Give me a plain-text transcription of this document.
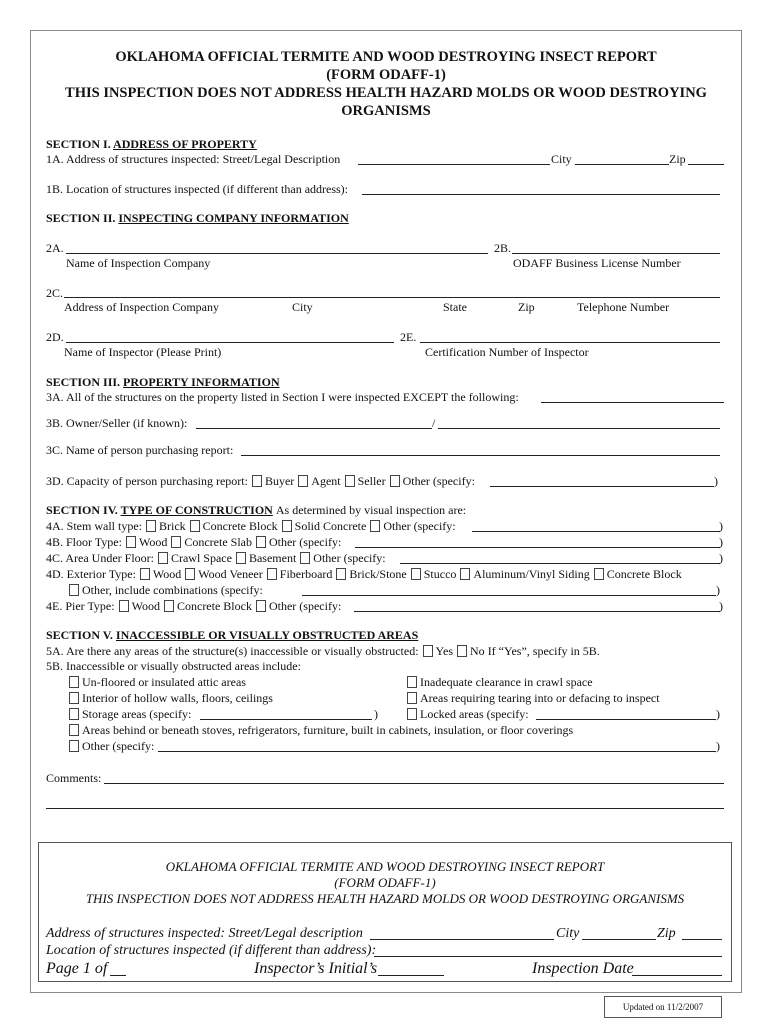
OKLAHOMA OFFICIAL TERMITE AND WOOD DESTROYING INSECT REPORT
(FORM ODAFF-1)
THIS INSPECTION DOES NOT ADDRESS HEALTH HAZARD MOLDS OR WOOD DESTROYING
ORGANISMS
SECTION I. ADDRESS OF PROPERTY
1A. Address of structures inspected: Street/Legal Description	City	Zip
1B. Location of structures inspected (if different than address):
SECTION II. INSPECTING COMPANY INFORMATION
2A.	2B.
Name of Inspection Company	ODAFF Business License Number
2C.
Address of Inspection Company	City	State	Zip	Telephone Number
2D.	2E.
Name of Inspector (Please Print)	Certification Number of Inspector
SECTION III. PROPERTY INFORMATION
3A. All of the structures on the property listed in Section I were inspected EXCEPT the following:
3B. Owner/Seller (if known):	/
3C. Name of person purchasing report:
3D. Capacity of person purchasing report: Buyer Agent Seller Other (specify:	)
SECTION IV. TYPE OF CONSTRUCTION As determined by visual inspection are:
4A. Stem wall type: Brick Concrete Block Solid Concrete Other (specify:	)
4B. Floor Type: Wood Concrete Slab Other (specify:	)
4C. Area Under Floor: Crawl Space Basement Other (specify:	)
4D. Exterior Type: Wood Wood Veneer Fiberboard Brick/Stone Stucco Aluminum/Vinyl Siding Concrete Block
Other, include combinations (specify:	)
4E. Pier Type: Wood Concrete Block Other (specify:	)
SECTION V. INACCESSIBLE OR VISUALLY OBSTRUCTED AREAS
5A. Are there any areas of the structure(s) inaccessible or visually obstructed: Yes No If “Yes”, specify in 5B.
5B. Inaccessible or visually obstructed areas include:
Un-floored or insulated attic areas	Inadequate clearance in crawl space
Interior of hollow walls, floors, ceilings	Areas requiring tearing into or defacing to inspect
Storage areas (specify:	)	Locked areas (specify:	)
Areas behind or beneath stoves, refrigerators, furniture, built in cabinets, insulation, or floor coverings
Other (specify:	)
Comments:
OKLAHOMA OFFICIAL TERMITE AND WOOD DESTROYING INSECT REPORT
(FORM ODAFF-1)
THIS INSPECTION DOES NOT ADDRESS HEALTH HAZARD MOLDS OR WOOD DESTROYING ORGANISMS
Address of structures inspected: Street/Legal description	City	Zip
Location of structures inspected (if different than address):
Page 1 of	Inspector’s Initial’s	Inspection Date
Updated on 11/2/2007
